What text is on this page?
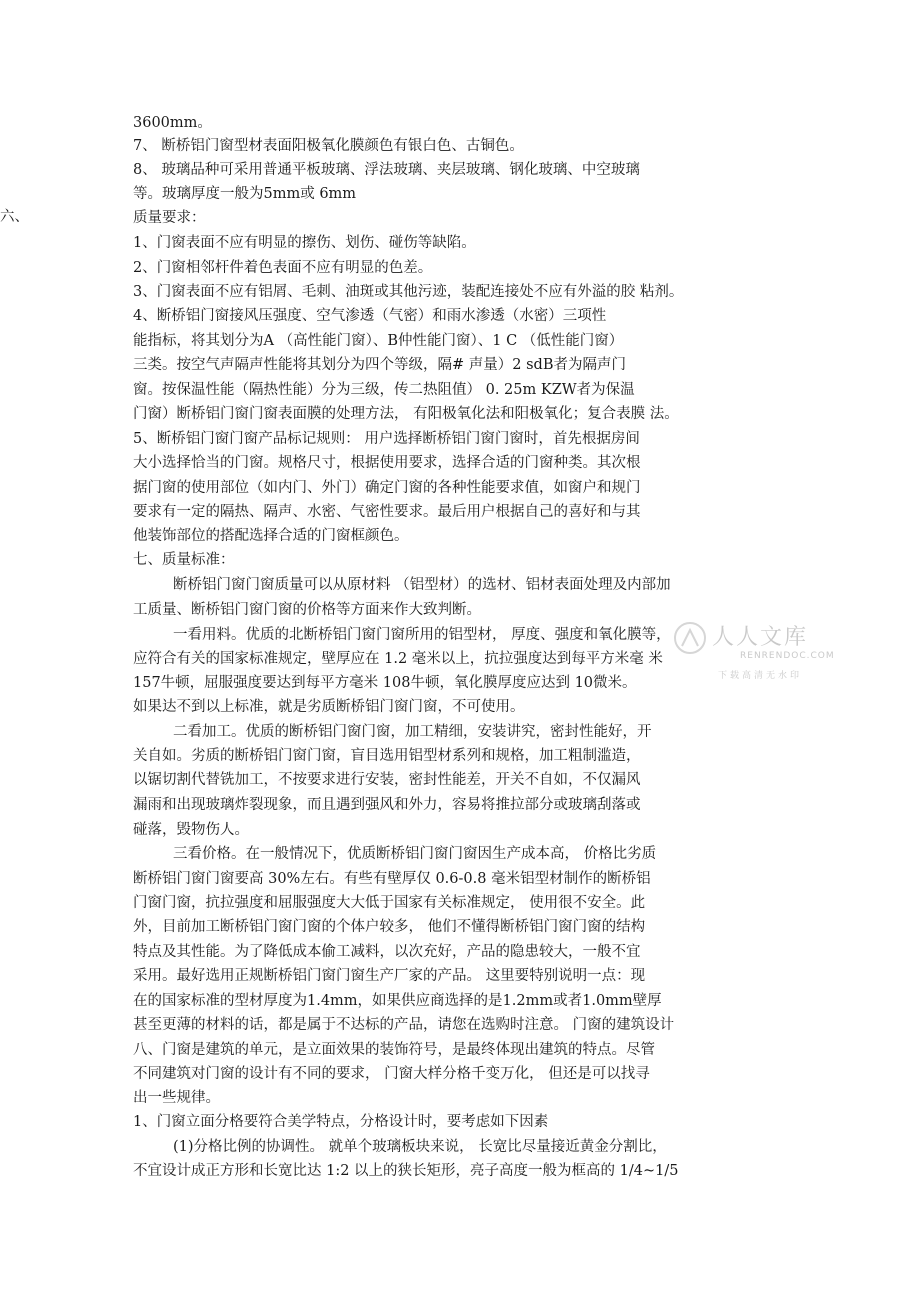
3600mm。
7、 断桥铝门窗型材表面阳极氧化膜颜色有银白色、古铜色。
8、 玻璃品种可采用普通平板玻璃、浮法玻璃、夹层玻璃、钢化玻璃、中空玻璃
等。玻璃厚度一般为5mm或 6mm
六、	质量要求：
1、门窗表面不应有明显的擦伤、划伤、碰伤等缺陷。
2、门窗相邻杆件着色表面不应有明显的色差。
3、门窗表面不应有铝屑、毛刺、油斑或其他污迹，装配连接处不应有外溢的胶 粘剂。
4、断桥铝门窗接风压强度、空气渗透（气密）和雨水渗透（水密）三项性
能指标，将其划分为A （高性能门窗）、B仲性能门窗）、1 C （低性能门窗）
三类。按空气声隔声性能将其划分为四个等级，隔# 声量）2 sdB者为隔声门
窗。按保温性能（隔热性能）分为三级，传二热阻值） 0. 25m KZW者为保温
门窗）断桥铝门窗门窗表面膜的处理方法， 有阳极氧化法和阳极氧化；复合表膜 法。
5、断桥铝门窗门窗产品标记规则： 用户选择断桥铝门窗门窗时，首先根据房间
大小选择恰当的门窗。规格尺寸，根据使用要求，选择合适的门窗种类。其次根
据门窗的使用部位（如内门、外门）确定门窗的各种性能要求值，如窗户和规门
要求有一定的隔热、隔声、水密、气密性要求。最后用户根据自己的喜好和与其
他装饰部位的搭配选择合适的门窗框颜色。
七、质量标准：
断桥铝门窗门窗质量可以从原材料 （铝型材）的选材、铝材表面处理及内部加
工质量、断桥铝门窗门窗的价格等方面来作大致判断。
一看用料。优质的北断桥铝门窗门窗所用的铝型材， 厚度、强度和氧化膜等，
应符合有关的国家标准规定，壁厚应在 1.2 毫米以上，抗拉强度达到每平方米毫 米
157牛顿，屈服强度要达到每平方毫米 108牛顿，氧化膜厚度应达到 10微米。
如果达不到以上标准，就是劣质断桥铝门窗门窗，不可使用。
二看加工。优质的断桥铝门窗门窗，加工精细，安装讲究，密封性能好，开
关自如。劣质的断桥铝门窗门窗，盲目选用铝型材系列和规格，加工粗制滥造，
以锯切割代替铣加工，不按要求进行安装，密封性能差，开关不自如，不仅漏风
漏雨和出现玻璃炸裂现象，而且遇到强风和外力，容易将推拉部分或玻璃刮落或
碰落，毁物伤人。
三看价格。在一般情况下，优质断桥铝门窗门窗因生产成本高， 价格比劣质
断桥铝门窗门窗要高 30%左右。有些有壁厚仅 0.6-0.8 毫米铝型材制作的断桥铝
门窗门窗，抗拉强度和屈服强度大大低于国家有关标准规定， 使用很不安全。此
外，目前加工断桥铝门窗门窗的个体户较多， 他们不懂得断桥铝门窗门窗的结构
特点及其性能。为了降低成本偷工减料，以次充好，产品的隐患较大，一般不宜
采用。最好选用正规断桥铝门窗门窗生产厂家的产品。 这里要特别说明一点：现
在的国家标准的型材厚度为1.4mm，如果供应商选择的是1.2mm或者1.0mm壁厚
甚至更薄的材料的话，都是属于不达标的产品，请您在选购时注意。 门窗的建筑设计
八、门窗是建筑的单元，是立面效果的装饰符号，是最终体现出建筑的特点。尽管
不同建筑对门窗的设计有不同的要求， 门窗大样分格千变万化， 但还是可以找寻
出一些规律。
1、门窗立面分格要符合美学特点，分格设计时，要考虑如下因素
(1)分格比例的协调性。 就单个玻璃板块来说， 长宽比尽量接近黄金分割比，
不宜设计成正方形和长宽比达 1:2 以上的狭长矩形，亮子高度一般为框高的 1/4~1/5
人人文库
RENRENDOC.COM
下载高清无水印
